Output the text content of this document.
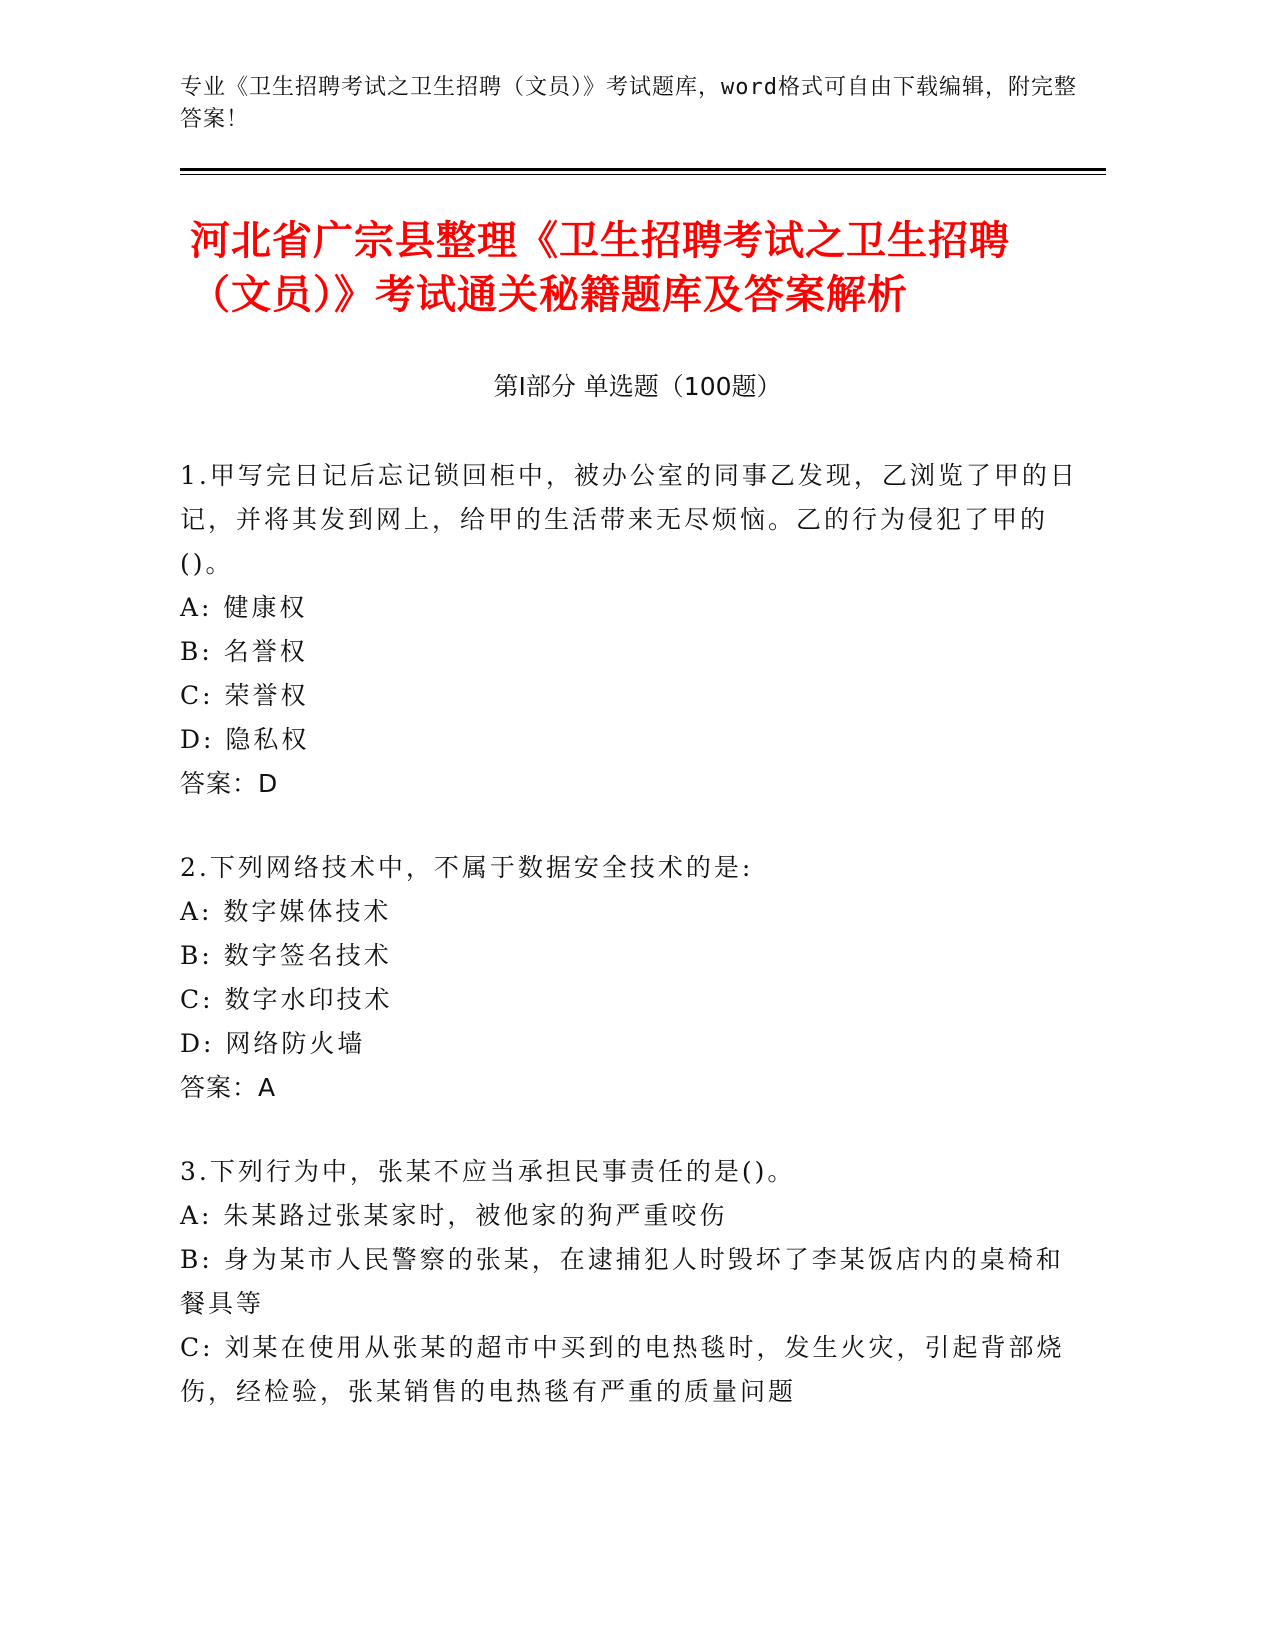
专业《卫生招聘考试之卫生招聘（文员）》考试题库，word格式可自由下载编辑，附完整答案！
河北省广宗县整理《卫生招聘考试之卫生招聘（文员）》考试通关秘籍题库及答案解析
第Ⅰ部分 单选题（100题）

1.甲写完日记后忘记锁回柜中，被办公室的同事乙发现，乙浏览了甲的日记，并将其发到网上，给甲的生活带来无尽烦恼。乙的行为侵犯了甲的()。

A: 健康权

B: 名誉权

C: 荣誉权

D: 隐私权

答案：D

2.下列网络技术中，不属于数据安全技术的是:

A: 数字媒体技术

B: 数字签名技术

C: 数字水印技术

D: 网络防火墙

答案：A

3.下列行为中，张某不应当承担民事责任的是()。

A: 朱某路过张某家时，被他家的狗严重咬伤

B: 身为某市人民警察的张某，在逮捕犯人时毁坏了李某饭店内的桌椅和餐具等

C: 刘某在使用从张某的超市中买到的电热毯时，发生火灾，引起背部烧伤，经检验，张某销售的电热毯有严重的质量问题
